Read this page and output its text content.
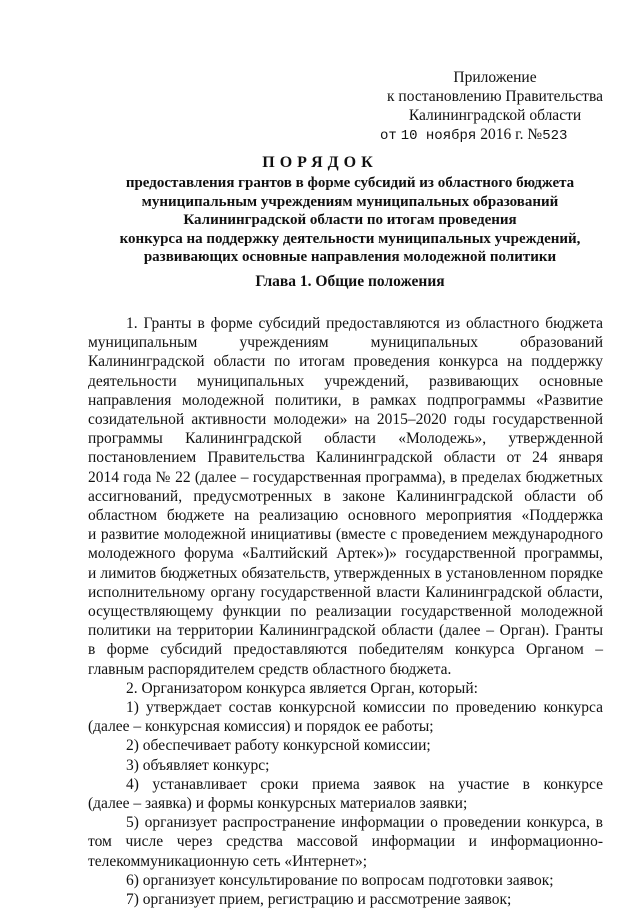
Приложение
к постановлению Правительства
Калининградской области
от 10 ноября 2016 г. №523
ПОРЯДОК
предоставления грантов в форме субсидий из областного бюджета
муниципальным учреждениям муниципальных образований
Калининградской области по итогам проведения
конкурса на поддержку деятельности муниципальных учреждений,
развивающих основные направления молодежной политики
Глава 1. Общие положения
1. Гранты в форме субсидий предоставляются из областного бюджета
муниципальным учреждениям муниципальных образований
Калининградской области по итогам проведения конкурса на поддержку
деятельности муниципальных учреждений, развивающих основные
направления молодежной политики, в рамках подпрограммы «Развитие
созидательной активности молодежи» на 2015–2020 годы государственной
программы Калининградской области «Молодежь», утвержденной
постановлением Правительства Калининградской области от 24 января
2014 года № 22 (далее – государственная программа), в пределах бюджетных
ассигнований, предусмотренных в законе Калининградской области об
областном бюджете на реализацию основного мероприятия «Поддержка
и развитие молодежной инициативы (вместе с проведением международного
молодежного форума «Балтийский Артек»)» государственной программы,
и лимитов бюджетных обязательств, утвержденных в установленном порядке
исполнительному органу государственной власти Калининградской области,
осуществляющему функции по реализации государственной молодежной
политики на территории Калининградской области (далее – Орган). Гранты
в форме субсидий предоставляются победителям конкурса Органом –
главным распорядителем средств областного бюджета.
2. Организатором конкурса является Орган, который:
1) утверждает состав конкурсной комиссии по проведению конкурса
(далее – конкурсная комиссия) и порядок ее работы;
2) обеспечивает работу конкурсной комиссии;
3) объявляет конкурс;
4) устанавливает сроки приема заявок на участие в конкурсе
(далее – заявка) и формы конкурсных материалов заявки;
5) организует распространение информации о проведении конкурса, в
том числе через средства массовой информации и информационно-
телекоммуникационную сеть «Интернет»;
6) организует консультирование по вопросам подготовки заявок;
7) организует прием, регистрацию и рассмотрение заявок;
